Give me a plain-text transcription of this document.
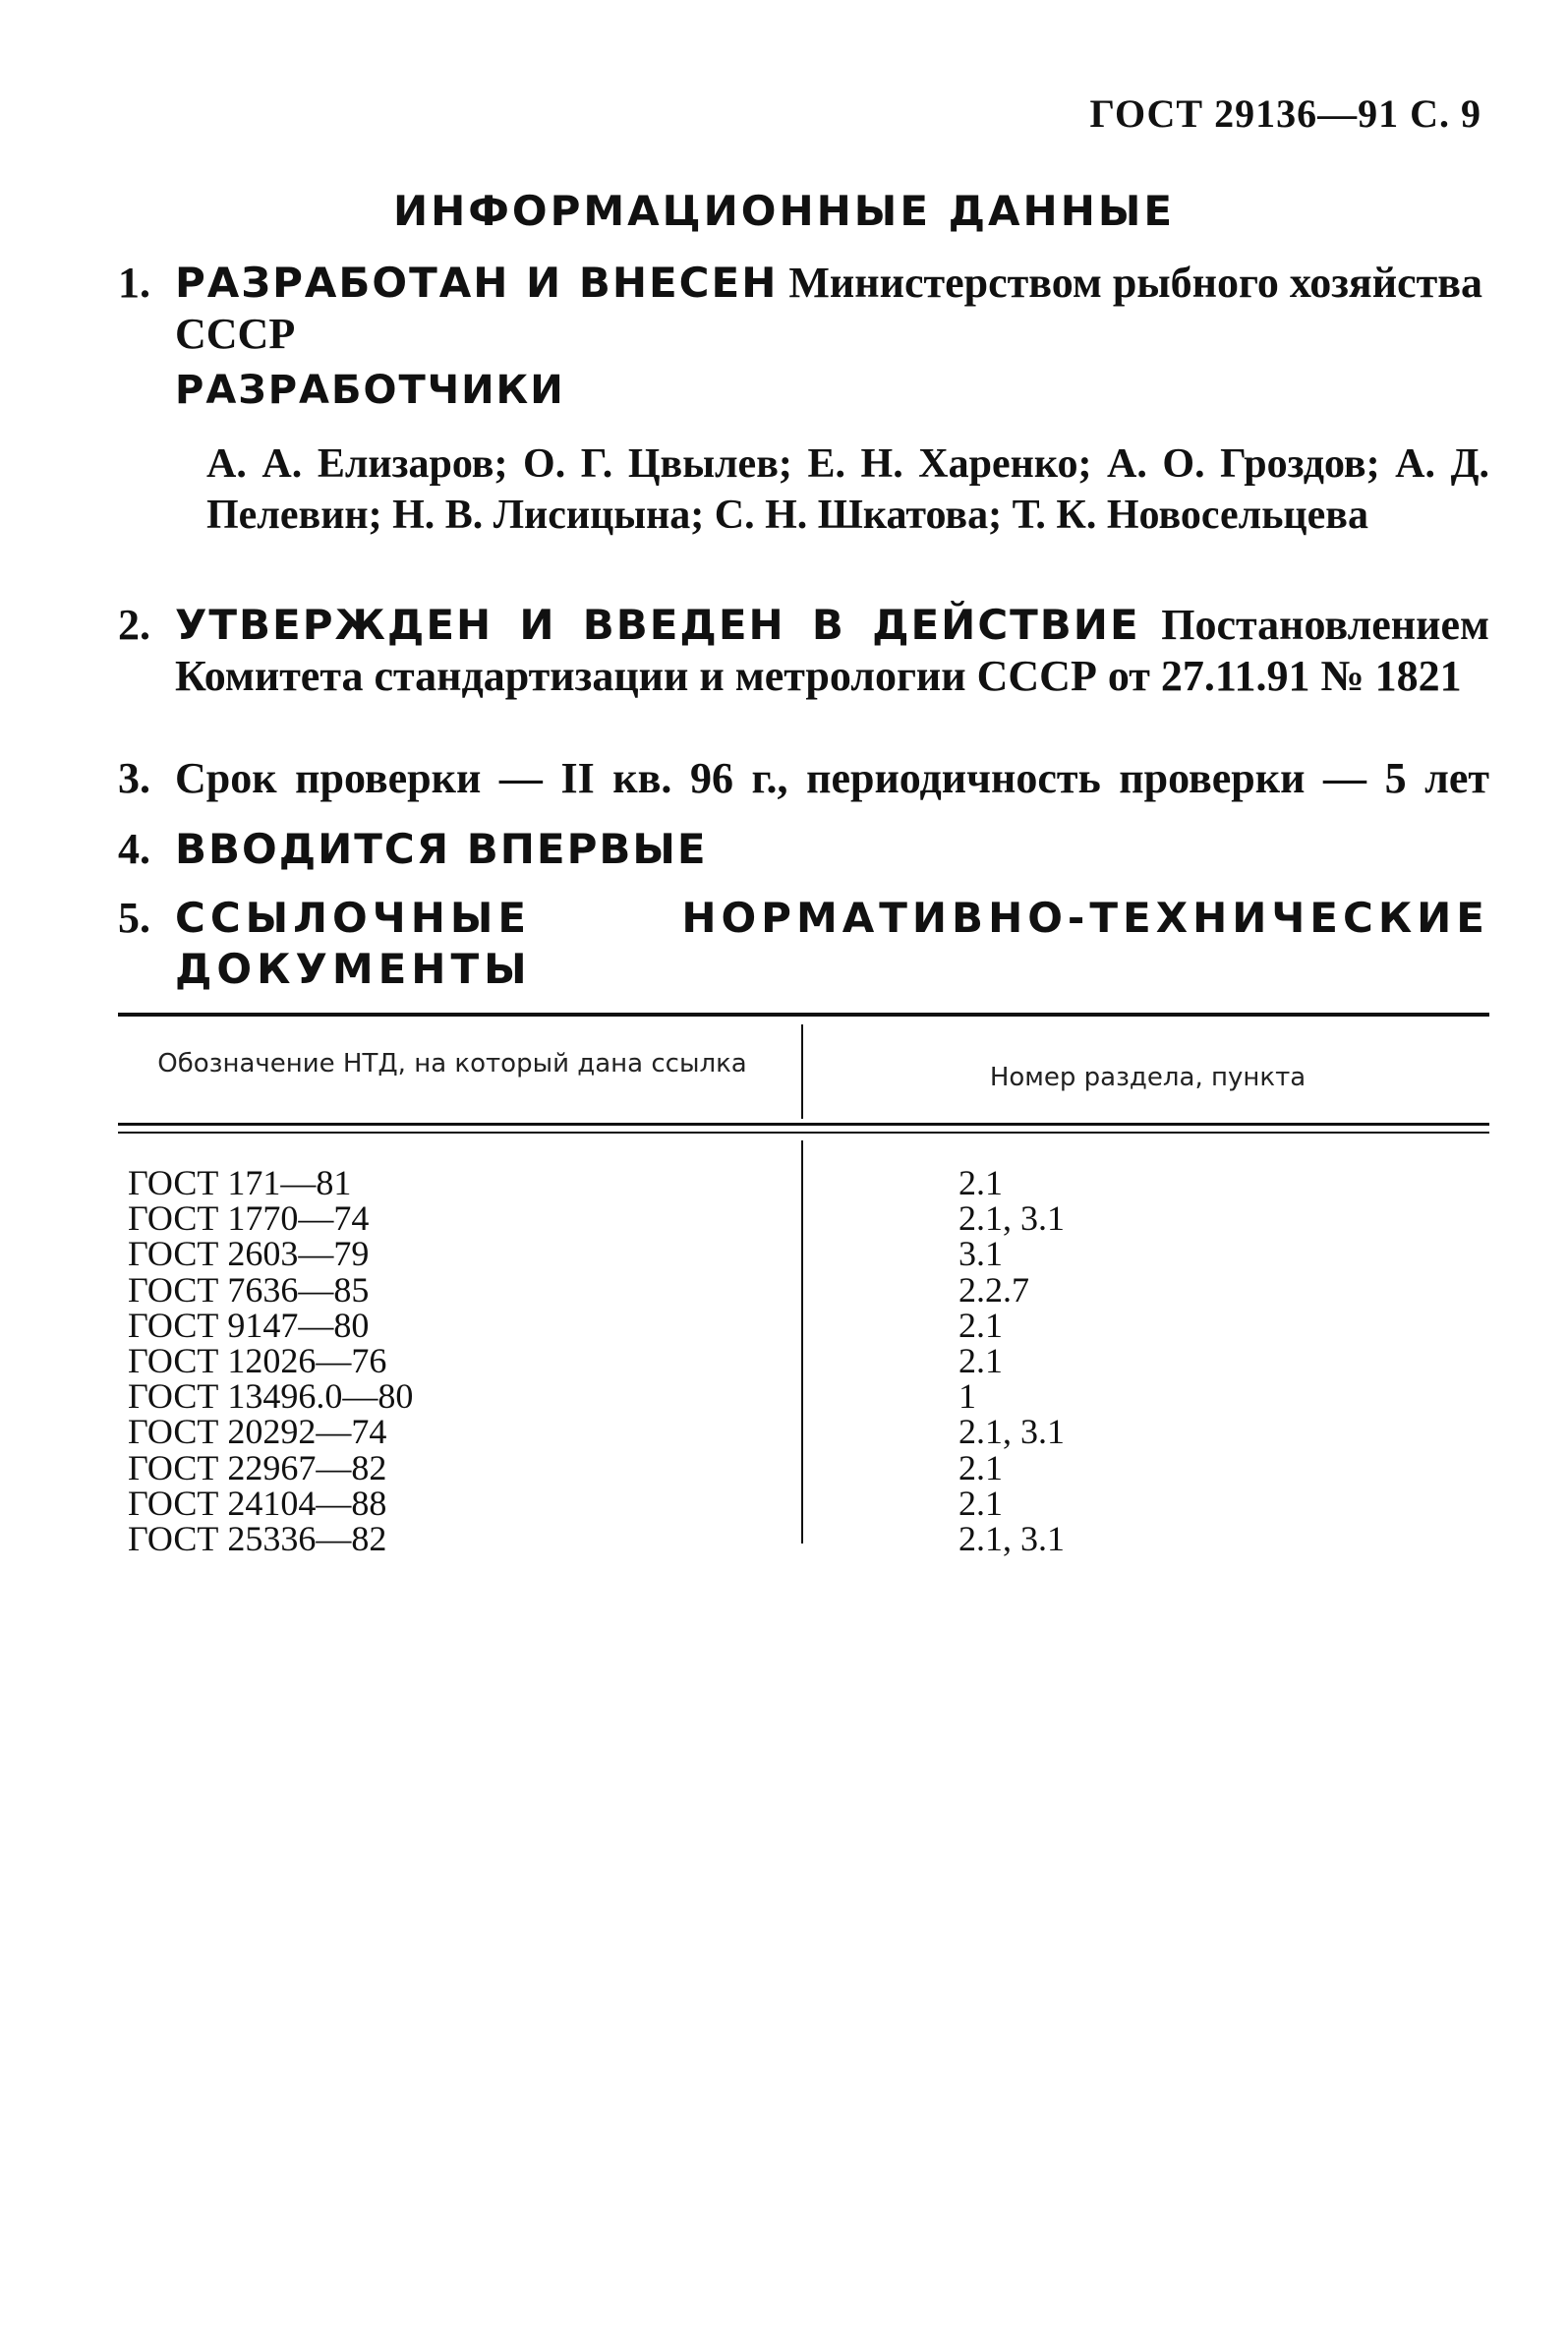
ГОСТ 29136—91 С. 9
ИНФОРМАЦИОННЫЕ ДАННЫЕ
1. РАЗРАБОТАН И ВНЕСЕН Министерством рыбного хозяйства СССР
РАЗРАБОТЧИКИ
А. А. Елизаров; О. Г. Цвылев; Е. Н. Харенко; А. О. Гроздов; А. Д. Пелевин; Н. В. Лисицына; С. Н. Шкатова; Т. К. Новосельцева
2. УТВЕРЖДЕН И ВВЕДЕН В ДЕЙСТВИЕ Постановлением Комитета стандартизации и метрологии СССР от 27.11.91 № 1821
3. Срок проверки — II кв. 96 г., периодичность проверки — 5 лет
4. ВВОДИТСЯ ВПЕРВЫЕ
5. ССЫЛОЧНЫЕ НОРМАТИВНО-ТЕХНИЧЕСКИЕ ДОКУМЕНТЫ
Обозначение НТД, на который дана ссылка	Номер раздела, пункта
ГОСТ 171—81	2.1
ГОСТ 1770—74	2.1, 3.1
ГОСТ 2603—79	3.1
ГОСТ 7636—85	2.2.7
ГОСТ 9147—80	2.1
ГОСТ 12026—76	2.1
ГОСТ 13496.0—80	1
ГОСТ 20292—74	2.1, 3.1
ГОСТ 22967—82	2.1
ГОСТ 24104—88	2.1
ГОСТ 25336—82	2.1, 3.1
